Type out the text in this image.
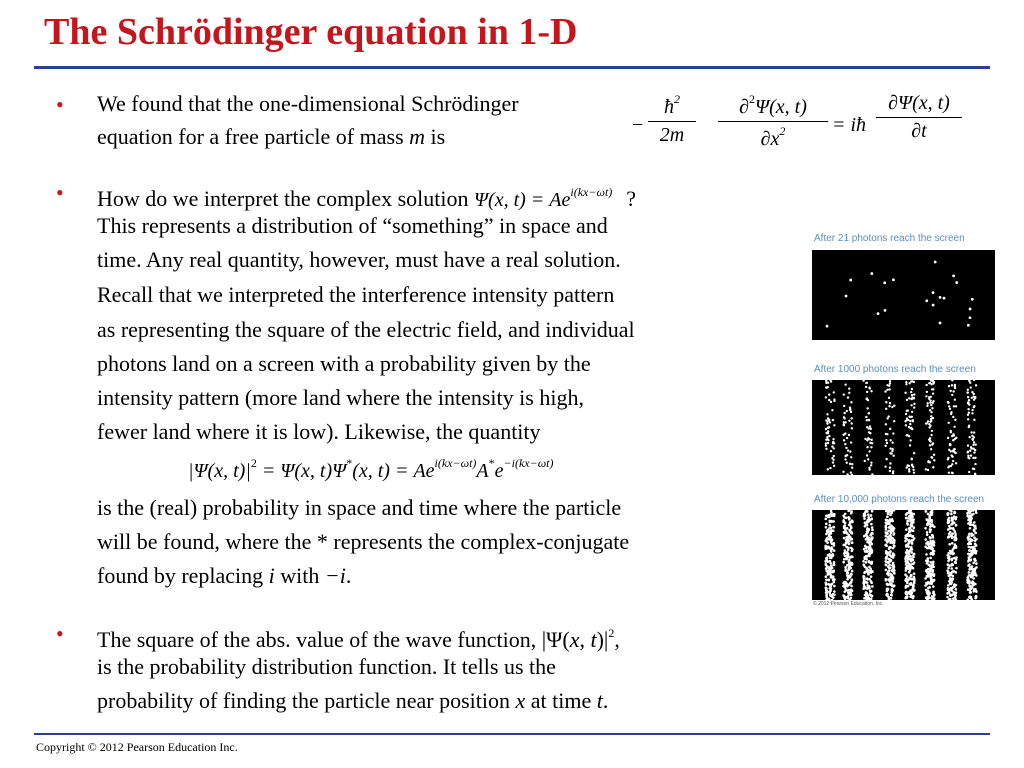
The Schrödinger equation in 1-D
• We found that the one-dimensional Schrödinger
equation for a free particle of mass m is	− $\frac{ħ^2}{2m} \frac{\partial^2\Psi(x, t)}{\partial x^2}$ = iħ $\frac{\partial\Psi(x, t)}{\partial t}$
• How do we interpret the complex solution Ψ(x, $t) = Ae^{i(kx-\omega t)}$ ?
This represents a distribution of “something” in space and
time. Any real quantity, however, must have a real solution.
Recall that we interpreted the interference intensity pattern
as representing the square of the electric field, and individual
photons land on a screen with a probability given by the
intensity pattern (more land where the intensity is high,
fewer land where it is low). Likewise, the quantity
|Ψ(x, $t)|^2 = \Psi(x$, t)Ψ*(x, $t) = Ae^{i(kx-\omega t)}A^*e^{-i(kx-\omega t)}$
is the (real) probability in space and time where the particle
will be found, where the * represents the complex-conjugate
found by replacing i with −i.
• The square of the abs. value of the wave function, |Ψ(x, $t)|^2$,
is the probability distribution function. It tells us the
probability of finding the particle near position x at time t.
After 21 photons reach the screen
After 1000 photons reach the screen
After 10,000 photons reach the screen
© 2012 Pearson Education, Inc.
Copyright © 2012 Pearson Education Inc.
